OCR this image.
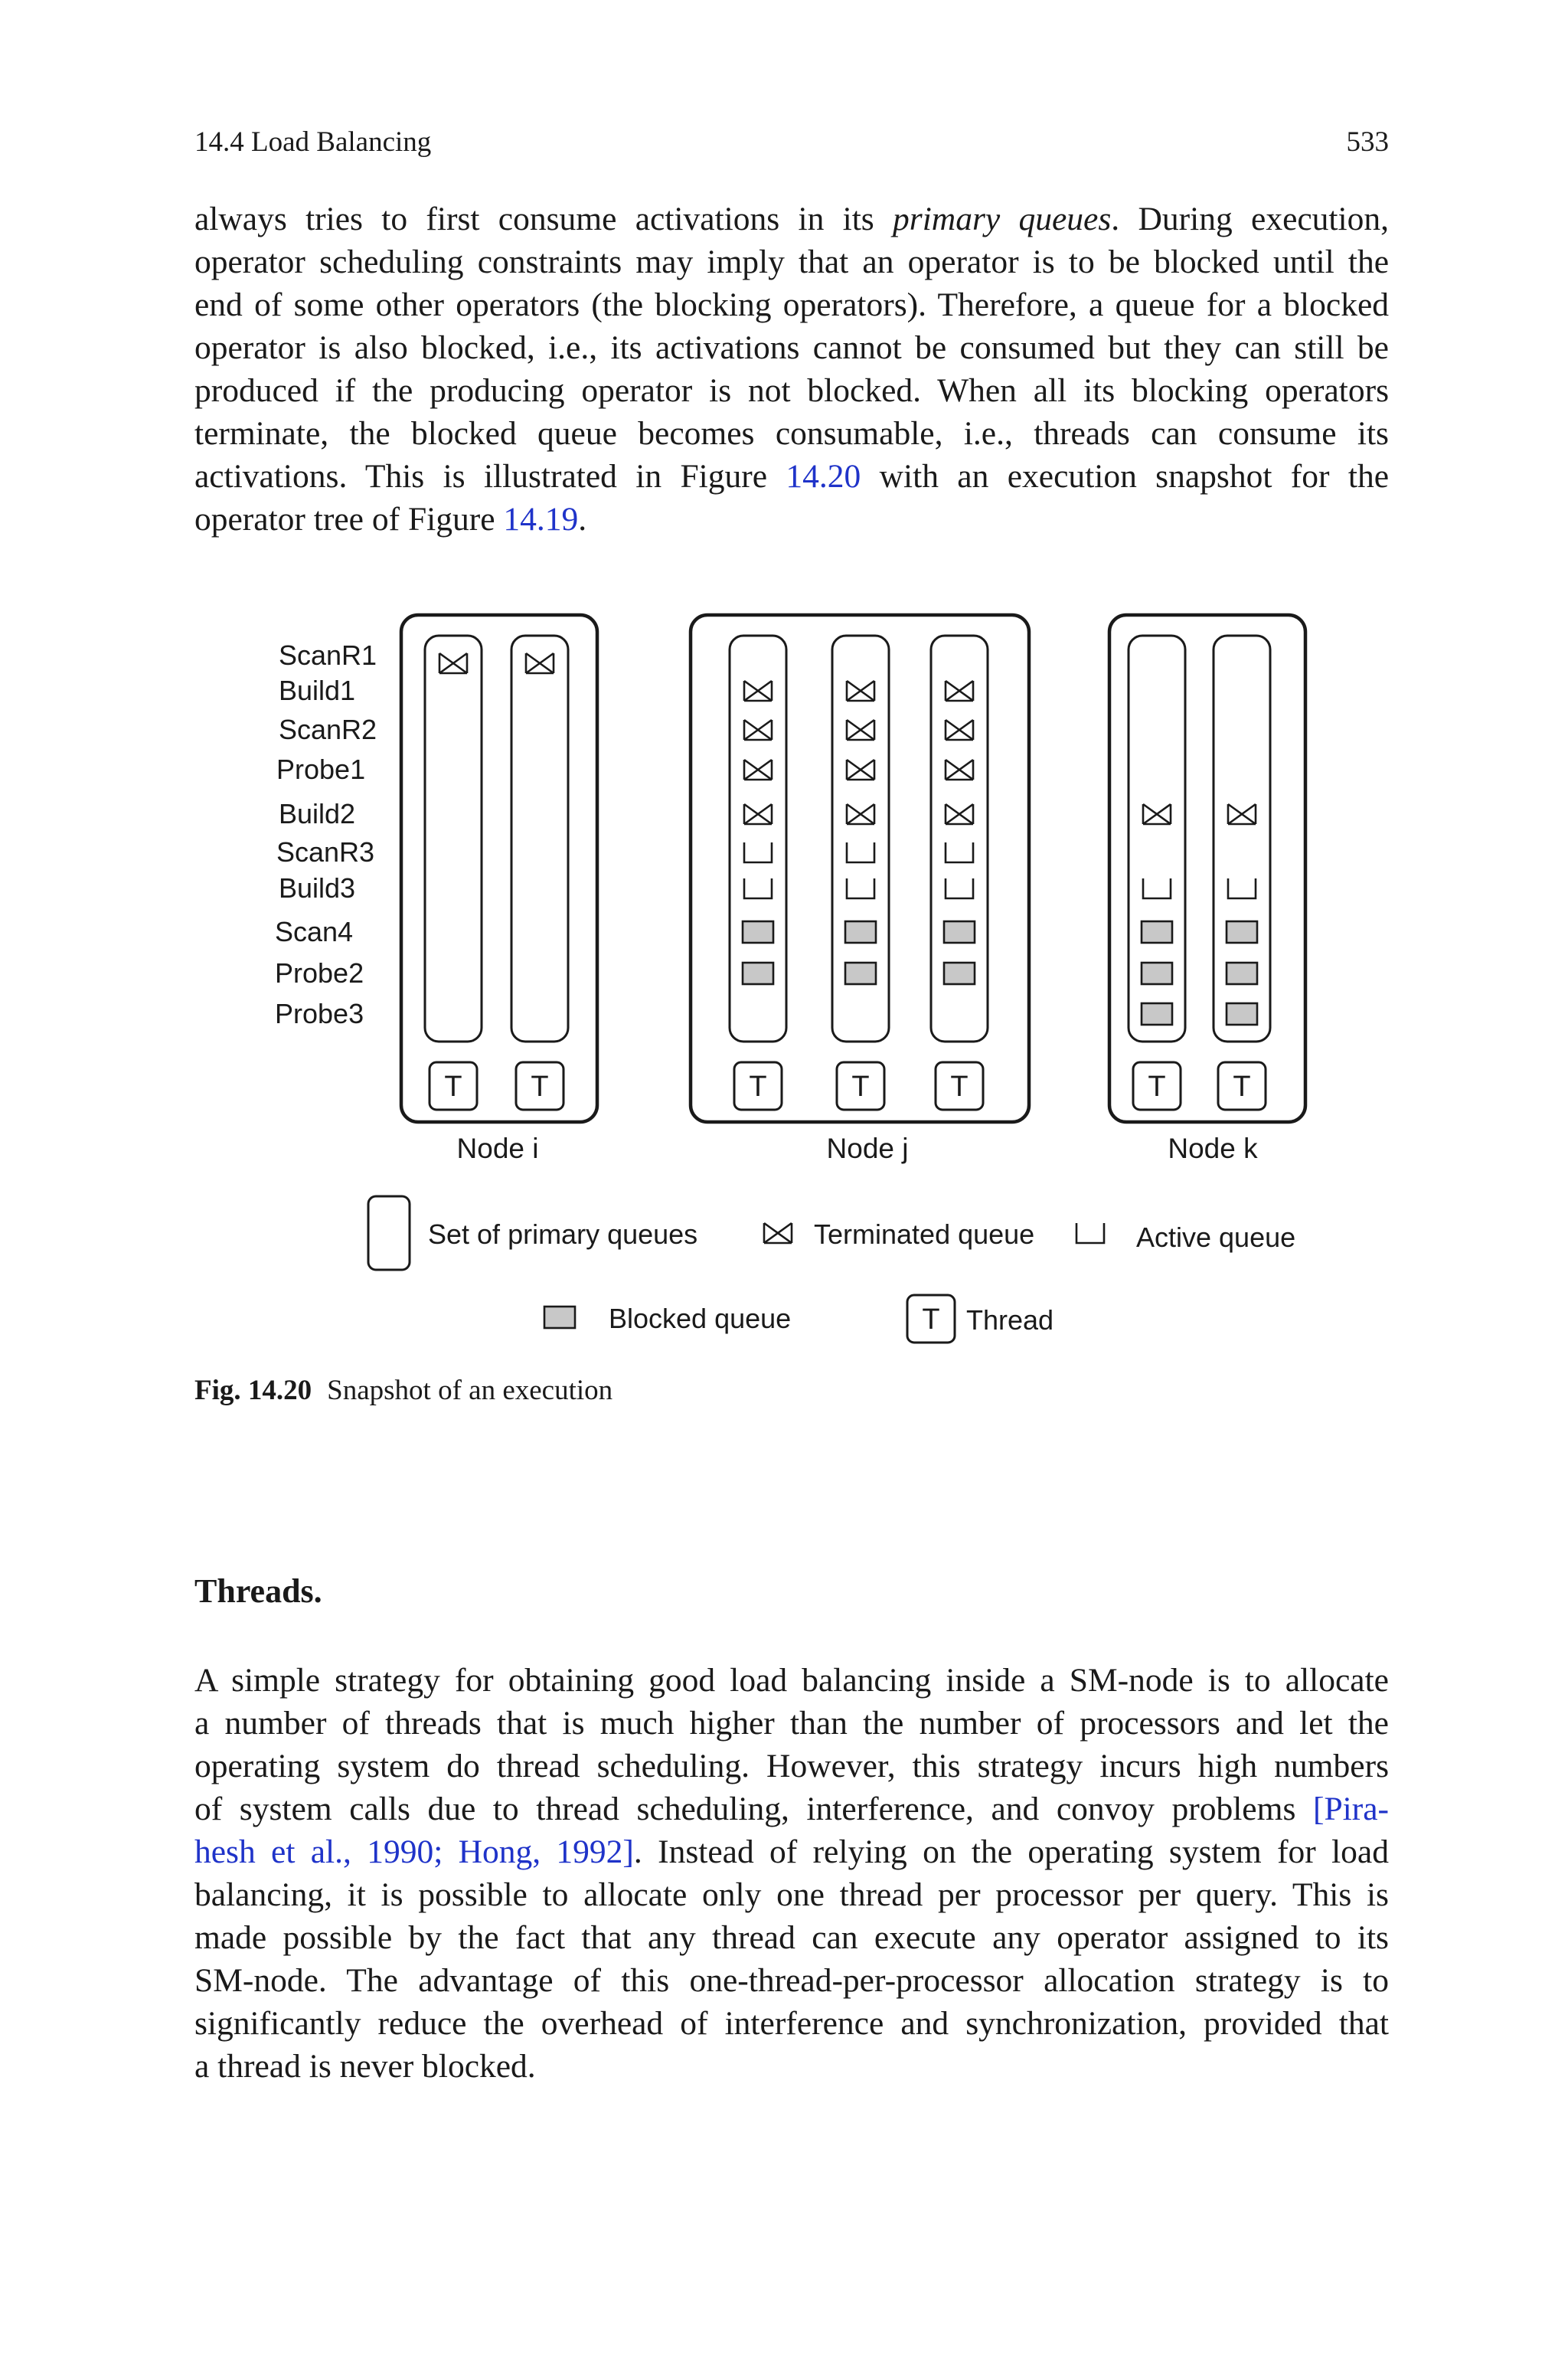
14.4 Load Balancing	533

always tries to first consume activations in its primary queues. During execution,
operator scheduling constraints may imply that an operator is to be blocked until the
end of some other operators (the blocking operators). Therefore, a queue for a blocked
operator is also blocked, i.e., its activations cannot be consumed but they can still be
produced if the producing operator is not blocked. When all its blocking operators
terminate, the blocked queue becomes consumable, i.e., threads can consume its
activations. This is illustrated in Figure 14.20 with an execution snapshot for the
operator tree of Figure 14.19.

ScanR1
Build1
ScanR2
Probe1
Build2
ScanR3
Build3
Scan4
Probe2
Probe3
T T
Node i
T	T	T
Node j
T T
Node k
Set of primary queues	Terminated queue	Active queue
Blocked queue	T Thread
Fig. 14.20 Snapshot of an execution
Threads.

A simple strategy for obtaining good load balancing inside a SM-node is to allocate
a number of threads that is much higher than the number of processors and let the
operating system do thread scheduling. However, this strategy incurs high numbers
of system calls due to thread scheduling, interference, and convoy problems [Pira-
hesh et al., 1990; Hong, 1992]. Instead of relying on the operating system for load
balancing, it is possible to allocate only one thread per processor per query. This is
made possible by the fact that any thread can execute any operator assigned to its
SM-node. The advantage of this one-thread-per-processor allocation strategy is to
significantly reduce the overhead of interference and synchronization, provided that
a thread is never blocked.
